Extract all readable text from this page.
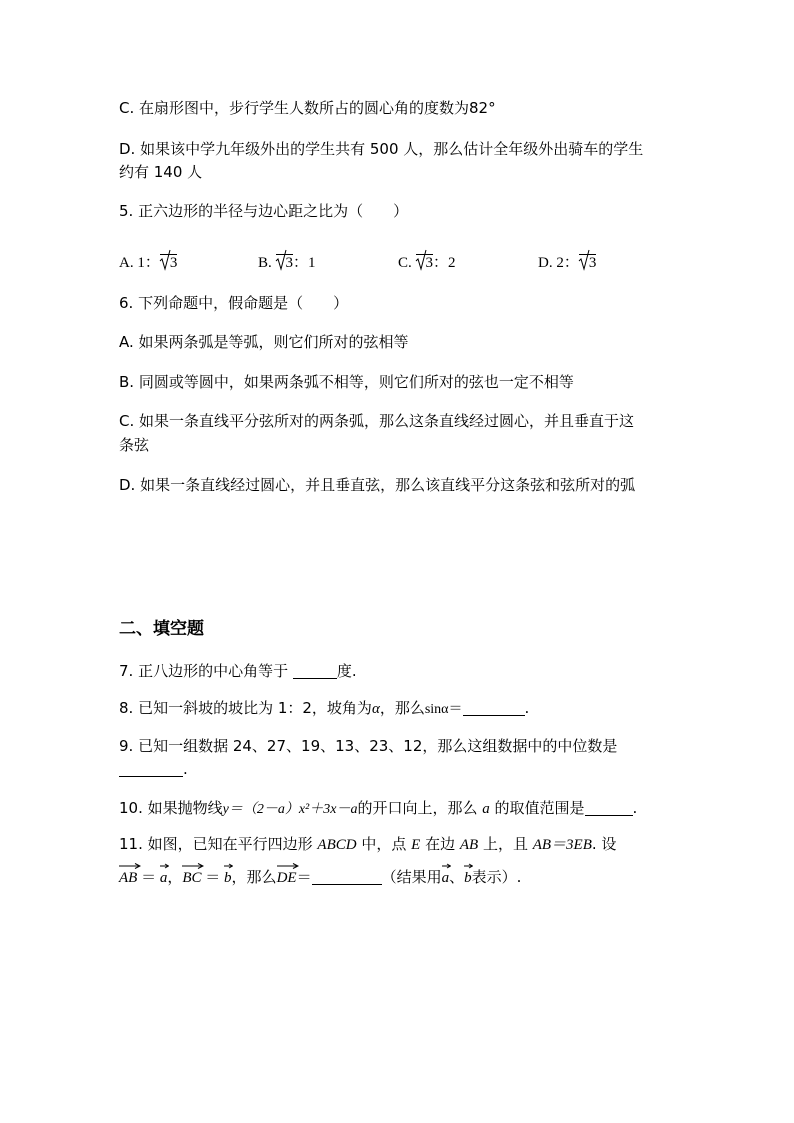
C. 在扇形图中，步行学生人数所占的圆心角的度数为82°
D. 如果该中学九年级外出的学生共有 500 人，那么估计全年级外出骑车的学生
约有 140 人
5. 正六边形的半径与边心距之比为（　　）
A. 1： 3	B.
3：1	C.
3：2	D. 2： 3
6. 下列命题中，假命题是（　　）
A. 如果两条弧是等弧，则它们所对的弦相等
B. 同圆或等圆中，如果两条弧不相等，则它们所对的弦也一定不相等
C. 如果一条直线平分弦所对的两条弧，那么这条直线经过圆心，并且垂直于这
条弦
D. 如果一条直线经过圆心，并且垂直弦，那么该直线平分这条弦和弦所对的弧
二、填空题
7. 正八边形的中心角等于	度.
8. 已知一斜坡的坡比为 1：2，坡角为α，那么sinα＝	.
9. 已知一组数据 24、27、19、13、23、12，那么这组数据中的中位数是
.
10. 如果抛物线y＝（2－a）x²＋3x－a的开口向上，那么 a 的取值范围是	.
11. 如图，已知在平行四边形 ABCD 中，点 E 在边 AB 上，且 AB＝3EB. 设
AB ＝
a，
BC ＝
b，那么
DE＝	（结果用
a、
b表示）.
